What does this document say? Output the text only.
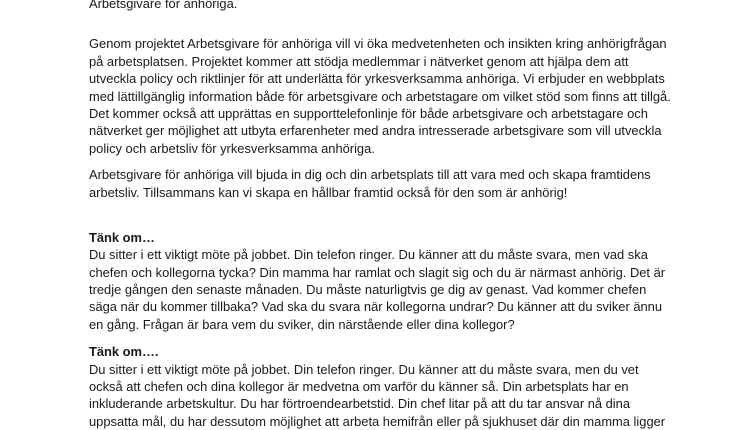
Arbetsgivare för anhöriga.
Genom projektet Arbetsgivare för anhöriga vill vi öka medvetenheten och insikten kring anhörigfrågan
på arbetsplatsen. Projektet kommer att stödja medlemmar i nätverket genom att hjälpa dem att
utveckla policy och riktlinjer för att underlätta för yrkesverksamma anhöriga. Vi erbjuder en webbplats
med lättillgänglig information både för arbetsgivare och arbetstagare om vilket stöd som finns att tillgå.
Det kommer också att upprättas en supporttelefonlinje för både arbetsgivare och arbetstagare och
nätverket ger möjlighet att utbyta erfarenheter med andra intresserade arbetsgivare som vill utveckla
policy och arbetsliv för yrkesverksamma anhöriga.
Arbetsgivare för anhöriga vill bjuda in dig och din arbetsplats till att vara med och skapa framtidens
arbetsliv. Tillsammans kan vi skapa en hållbar framtid också för den som är anhörig!
Tänk om…
Du sitter i ett viktigt möte på jobbet. Din telefon ringer. Du känner att du måste svara, men vad ska
chefen och kollegorna tycka? Din mamma har ramlat och slagit sig och du är närmast anhörig. Det är
tredje gången den senaste månaden. Du måste naturligtvis ge dig av genast. Vad kommer chefen
säga när du kommer tillbaka? Vad ska du svara när kollegorna undrar? Du känner att du sviker ännu
en gång. Frågan är bara vem du sviker, din närstående eller dina kollegor?
Tänk om….
Du sitter i ett viktigt möte på jobbet. Din telefon ringer. Du känner att du måste svara, men du vet
också att chefen och dina kollegor är medvetna om varför du känner så. Din arbetsplats har en
inkluderande arbetskultur. Du har förtroendearbetstid. Din chef litar på att du tar ansvar nå dina
uppsatta mål, du har dessutom möjlighet att arbeta hemifrån eller på sjukhuset där din mamma ligger
